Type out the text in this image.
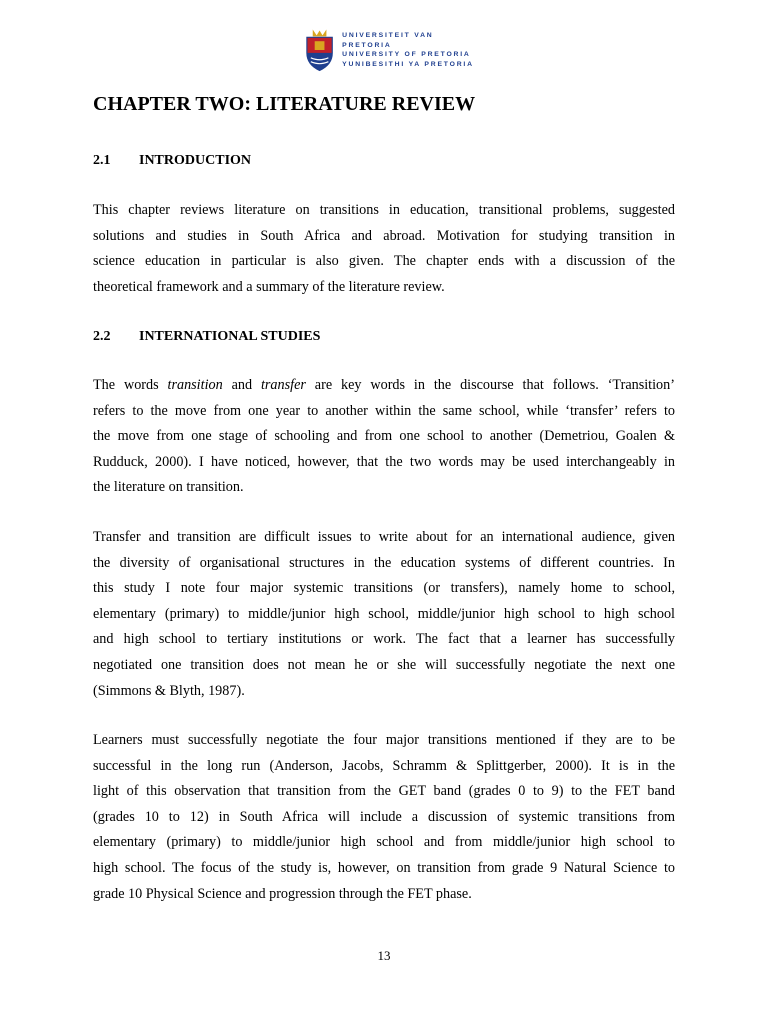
UNIVERSITEIT VAN PRETORIA
UNIVERSITY OF PRETORIA
YUNIBESITHI YA PRETORIA
CHAPTER TWO: LITERATURE REVIEW
2.1 INTRODUCTION

This chapter reviews literature on transitions in education, transitional problems, suggested
solutions and studies in South Africa and abroad. Motivation for studying transition in
science education in particular is also given. The chapter ends with a discussion of the
theoretical framework and a summary of the literature review.

2.2 INTERNATIONAL STUDIES

The words transition and transfer are key words in the discourse that follows. ‘Transition’
refers to the move from one year to another within the same school, while ‘transfer’ refers to
the move from one stage of schooling and from one school to another (Demetriou, Goalen &
Rudduck, 2000). I have noticed, however, that the two words may be used interchangeably in
the literature on transition.

Transfer and transition are difficult issues to write about for an international audience, given
the diversity of organisational structures in the education systems of different countries. In
this study I note four major systemic transitions (or transfers), namely home to school,
elementary (primary) to middle/junior high school, middle/junior high school to high school
and high school to tertiary institutions or work. The fact that a learner has successfully
negotiated one transition does not mean he or she will successfully negotiate the next one
(Simmons & Blyth, 1987).

Learners must successfully negotiate the four major transitions mentioned if they are to be
successful in the long run (Anderson, Jacobs, Schramm & Splittgerber, 2000). It is in the
light of this observation that transition from the GET band (grades 0 to 9) to the FET band
(grades 10 to 12) in South Africa will include a discussion of systemic transitions from
elementary (primary) to middle/junior high school and from middle/junior high school to
high school. The focus of the study is, however, on transition from grade 9 Natural Science to
grade 10 Physical Science and progression through the FET phase.

13
